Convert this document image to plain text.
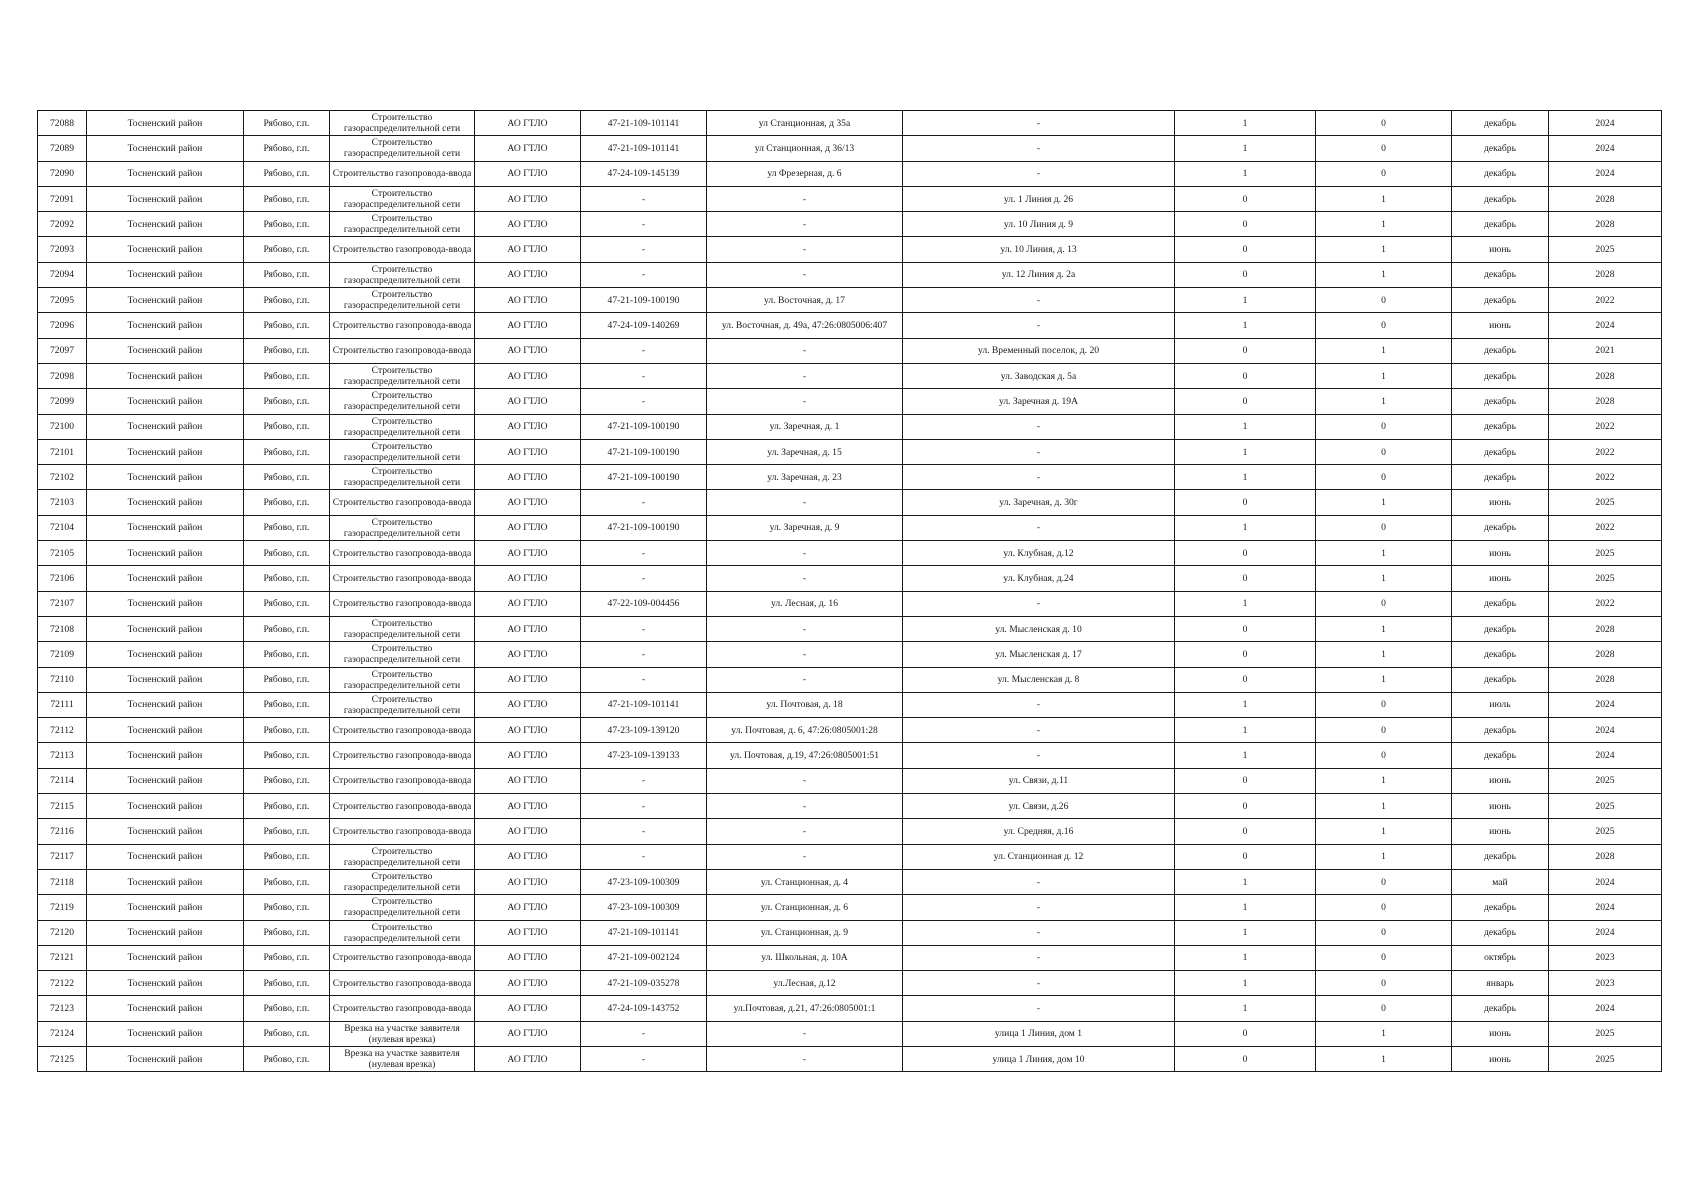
72088	Тосненский район	Рябово, г.п.	Строительство газораспределительной сети	АО ГТЛО	47-21-109-101141	ул Станционная, д 35а	-	1	0	декабрь	2024
72089	Тосненский район	Рябово, г.п.	Строительство газораспределительной сети	АО ГТЛО	47-21-109-101141	ул Станционная, д 36/13	-	1	0	декабрь	2024
72090	Тосненский район	Рябово, г.п.	Строительство газопровода-ввода	АО ГТЛО	47-24-109-145139	ул Фрезерная, д. 6	-	1	0	декабрь	2024
72091	Тосненский район	Рябово, г.п.	Строительство газораспределительной сети	АО ГТЛО	-	-	ул. 1 Линия д. 26	0	1	декабрь	2028
72092	Тосненский район	Рябово, г.п.	Строительство газораспределительной сети	АО ГТЛО	-	-	ул. 10 Линия д. 9	0	1	декабрь	2028
72093	Тосненский район	Рябово, г.п.	Строительство газопровода-ввода	АО ГТЛО	-	-	ул. 10 Линия, д. 13	0	1	июнь	2025
72094	Тосненский район	Рябово, г.п.	Строительство газораспределительной сети	АО ГТЛО	-	-	ул. 12 Линия д. 2а	0	1	декабрь	2028
72095	Тосненский район	Рябово, г.п.	Строительство газораспределительной сети	АО ГТЛО	47-21-109-100190	ул. Восточная, д. 17	-	1	0	декабрь	2022
72096	Тосненский район	Рябово, г.п.	Строительство газопровода-ввода	АО ГТЛО	47-24-109-140269	ул. Восточная, д. 49а, 47:26:0805006:407	-	1	0	июнь	2024
72097	Тосненский район	Рябово, г.п.	Строительство газопровода-ввода	АО ГТЛО	-	-	ул. Временный поселок, д. 20	0	1	декабрь	2021
72098	Тосненский район	Рябово, г.п.	Строительство газораспределительной сети	АО ГТЛО	-	-	ул. Заводская д. 5а	0	1	декабрь	2028
72099	Тосненский район	Рябово, г.п.	Строительство газораспределительной сети	АО ГТЛО	-	-	ул. Заречная д. 19А	0	1	декабрь	2028
72100	Тосненский район	Рябово, г.п.	Строительство газораспределительной сети	АО ГТЛО	47-21-109-100190	ул. Заречная, д. 1	-	1	0	декабрь	2022
72101	Тосненский район	Рябово, г.п.	Строительство газораспределительной сети	АО ГТЛО	47-21-109-100190	ул. Заречная, д. 15	-	1	0	декабрь	2022
72102	Тосненский район	Рябово, г.п.	Строительство газораспределительной сети	АО ГТЛО	47-21-109-100190	ул. Заречная, д. 23	-	1	0	декабрь	2022
72103	Тосненский район	Рябово, г.п.	Строительство газопровода-ввода	АО ГТЛО	-	-	ул. Заречная, д. 30г	0	1	июнь	2025
72104	Тосненский район	Рябово, г.п.	Строительство газораспределительной сети	АО ГТЛО	47-21-109-100190	ул. Заречная, д. 9	-	1	0	декабрь	2022
72105	Тосненский район	Рябово, г.п.	Строительство газопровода-ввода	АО ГТЛО	-	-	ул. Клубная, д.12	0	1	июнь	2025
72106	Тосненский район	Рябово, г.п.	Строительство газопровода-ввода	АО ГТЛО	-	-	ул. Клубная, д.24	0	1	июнь	2025
72107	Тосненский район	Рябово, г.п.	Строительство газопровода-ввода	АО ГТЛО	47-22-109-004456	ул. Лесная, д. 16	-	1	0	декабрь	2022
72108	Тосненский район	Рябово, г.п.	Строительство газораспределительной сети	АО ГТЛО	-	-	ул. Мысленская д. 10	0	1	декабрь	2028
72109	Тосненский район	Рябово, г.п.	Строительство газораспределительной сети	АО ГТЛО	-	-	ул. Мысленская д. 17	0	1	декабрь	2028
72110	Тосненский район	Рябово, г.п.	Строительство газораспределительной сети	АО ГТЛО	-	-	ул. Мысленская д. 8	0	1	декабрь	2028
72111	Тосненский район	Рябово, г.п.	Строительство газораспределительной сети	АО ГТЛО	47-21-109-101141	ул. Почтовая, д. 18	-	1	0	июль	2024
72112	Тосненский район	Рябово, г.п.	Строительство газопровода-ввода	АО ГТЛО	47-23-109-139120	ул. Почтовая, д. 6, 47:26:0805001:28	-	1	0	декабрь	2024
72113	Тосненский район	Рябово, г.п.	Строительство газопровода-ввода	АО ГТЛО	47-23-109-139133	ул. Почтовая, д.19, 47:26:0805001:51	-	1	0	декабрь	2024
72114	Тосненский район	Рябово, г.п.	Строительство газопровода-ввода	АО ГТЛО	-	-	ул. Связи, д.11	0	1	июнь	2025
72115	Тосненский район	Рябово, г.п.	Строительство газопровода-ввода	АО ГТЛО	-	-	ул. Связи, д.26	0	1	июнь	2025
72116	Тосненский район	Рябово, г.п.	Строительство газопровода-ввода	АО ГТЛО	-	-	ул. Средняя, д.16	0	1	июнь	2025
72117	Тосненский район	Рябово, г.п.	Строительство газораспределительной сети	АО ГТЛО	-	-	ул. Станционная д. 12	0	1	декабрь	2028
72118	Тосненский район	Рябово, г.п.	Строительство газораспределительной сети	АО ГТЛО	47-23-109-100309	ул. Станционная, д. 4	-	1	0	май	2024
72119	Тосненский район	Рябово, г.п.	Строительство газораспределительной сети	АО ГТЛО	47-23-109-100309	ул. Станционная, д. 6	-	1	0	декабрь	2024
72120	Тосненский район	Рябово, г.п.	Строительство газораспределительной сети	АО ГТЛО	47-21-109-101141	ул. Станционная, д. 9	-	1	0	декабрь	2024
72121	Тосненский район	Рябово, г.п.	Строительство газопровода-ввода	АО ГТЛО	47-21-109-002124	ул. Школьная, д. 10А	-	1	0	октябрь	2023
72122	Тосненский район	Рябово, г.п.	Строительство газопровода-ввода	АО ГТЛО	47-21-109-035278	ул.Лесная, д.12	-	1	0	январь	2023
72123	Тосненский район	Рябово, г.п.	Строительство газопровода-ввода	АО ГТЛО	47-24-109-143752	ул.Почтовая, д.21, 47:26:0805001:1	-	1	0	декабрь	2024
72124	Тосненский район	Рябово, г.п.	Врезка на участке заявителя (нулевая врезка)	АО ГТЛО	-	-	улица 1 Линия, дом 1	0	1	июнь	2025
72125	Тосненский район	Рябово, г.п.	Врезка на участке заявителя (нулевая врезка)	АО ГТЛО	-	-	улица 1 Линия, дом 10	0	1	июнь	2025
